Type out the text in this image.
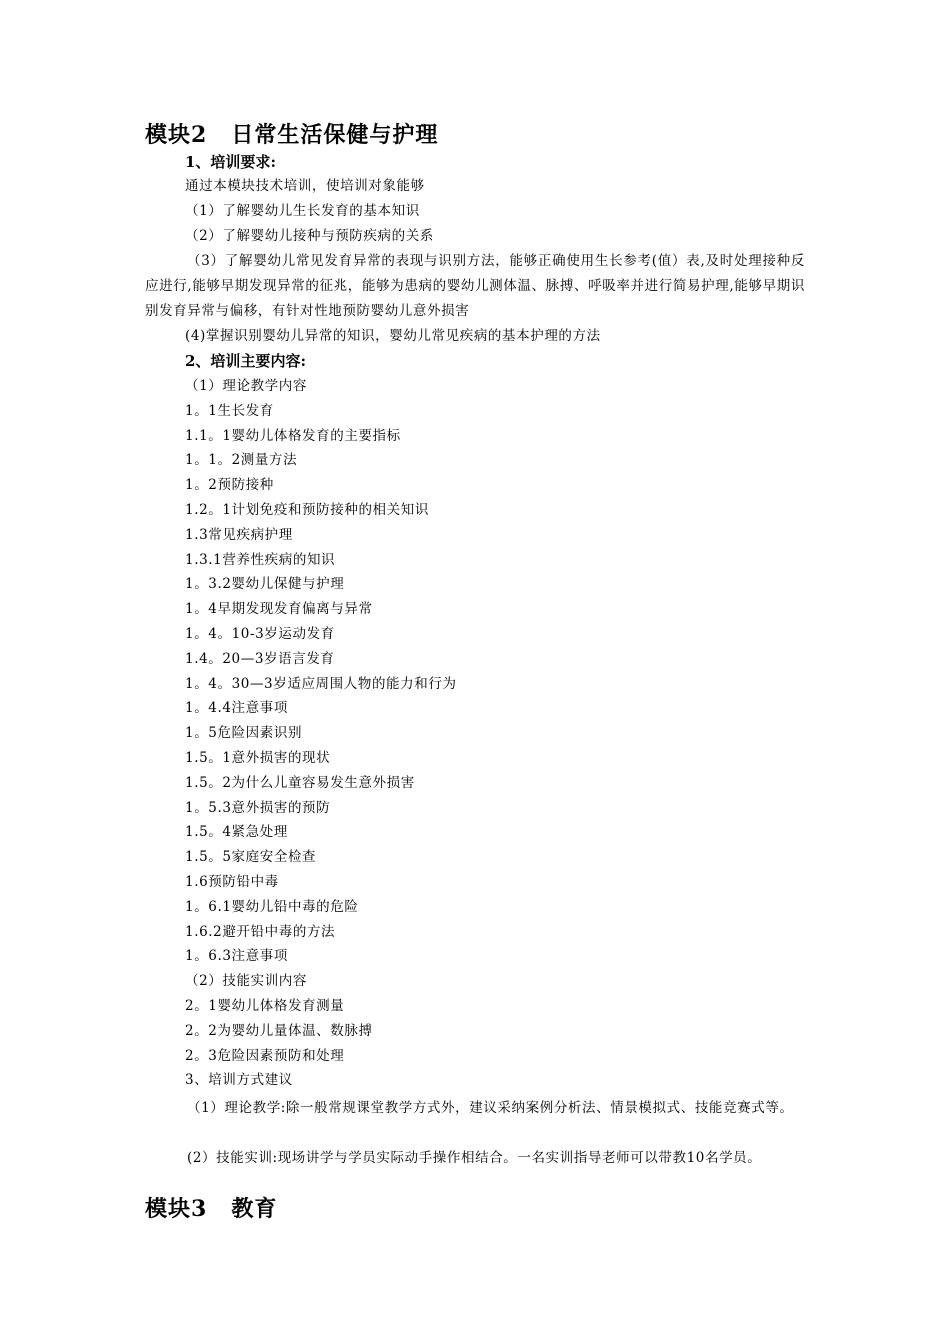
模块2 日常生活保健与护理
1、培训要求:
通过本模块技术培训，使培训对象能够
（1）了解婴幼儿生长发育的基本知识
（2）了解婴幼儿接种与预防疾病的关系
（3）了解婴幼儿常见发育异常的表现与识别方法，能够正确使用生长参考(值）表,及时处理接种反应进行,能够早期发现异常的征兆，能够为患病的婴幼儿测体温、脉搏、呼吸率并进行简易护理,能够早期识别发育异常与偏移，有针对性地预防婴幼儿意外损害
(4)掌握识别婴幼儿异常的知识，婴幼儿常见疾病的基本护理的方法
2、培训主要内容:
（1）理论教学内容
1。1生长发育
1.1。1婴幼儿体格发育的主要指标
1。1。2测量方法
1。2预防接种
1.2。1计划免疫和预防接种的相关知识
1.3常见疾病护理
1.3.1营养性疾病的知识
1。3.2婴幼儿保健与护理
1。4早期发现发育偏离与异常
1。4。10-3岁运动发育
1.4。20—3岁语言发育
1。4。30—3岁适应周围人物的能力和行为
1。4.4注意事项
1。5危险因素识别
1.5。1意外损害的现状
1.5。2为什么儿童容易发生意外损害
1。5.3意外损害的预防
1.5。4紧急处理
1.5。5家庭安全检查
1.6预防铅中毒
1。6.1婴幼儿铅中毒的危险
1.6.2避开铅中毒的方法
1。6.3注意事项
（2）技能实训内容
2。1婴幼儿体格发育测量
2。2为婴幼儿量体温、数脉搏
2。3危险因素预防和处理
3、培训方式建议
（1）理论教学:除一般常规课堂教学方式外，建议采纳案例分析法、情景模拟式、技能竞赛式等。
(2）技能实训:现场讲学与学员实际动手操作相结合。一名实训指导老师可以带教10名学员。
模块3 教育
